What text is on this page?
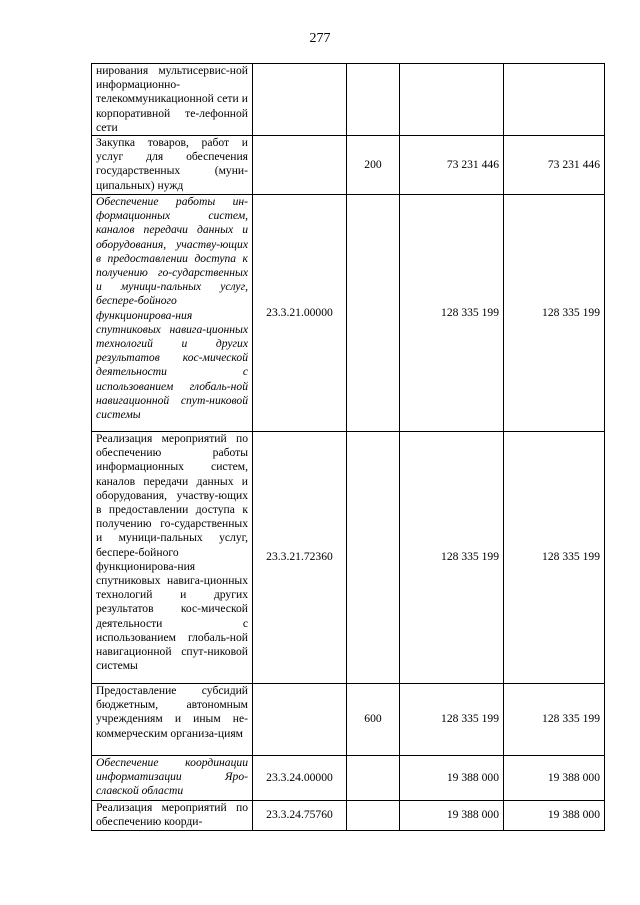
277
нирования мультисервис-ной информационно-телекоммуникационной сети и корпоративной те-лефонной сети				
Закупка товаров, работ и услуг для обеспечения государственных (муни-ципальных) нужд		200	73 231 446	73 231 446
Обеспечение работы ин-формационных систем, каналов передачи данных и оборудования, участву-ющих в предоставлении доступа к получению го-сударственных и муници-пальных услуг, беспере-бойного функционирова-ния спутниковых навига-ционных технологий и других результатов кос-мической деятельности с использованием глобаль-ной навигационной спут-никовой системы	23.3.21.00000		128 335 199	128 335 199
Реализация мероприятий по обеспечению работы информационных систем, каналов передачи данных и оборудования, участву-ющих в предоставлении доступа к получению го-сударственных и муници-пальных услуг, беспере-бойного функционирова-ния спутниковых навига-ционных технологий и других результатов кос-мической деятельности с использованием глобаль-ной навигационной спут-никовой системы	23.3.21.72360		128 335 199	128 335 199
Предоставление субсидий бюджетным, автономным учреждениям и иным не-коммерческим организа-циям		600	128 335 199	128 335 199
Обеспечение координации информатизации Яро-славской области	23.3.24.00000		19 388 000	19 388 000
Реализация мероприятий по обеспечению коорди-	23.3.24.75760		19 388 000	19 388 000
